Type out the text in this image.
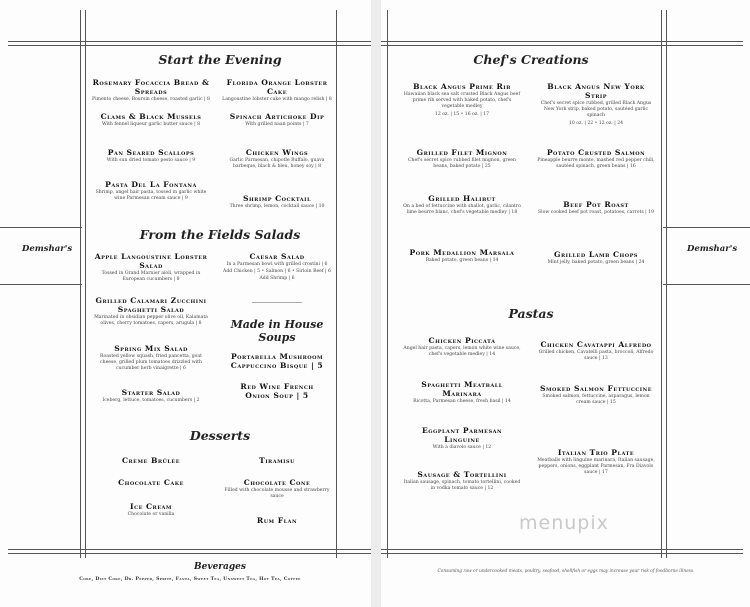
Demshar's
Start the Evening
Rosemary Focaccia Bread & Spreads
Pimento cheese, Boursin cheese, roasted garlic | 8
Florida Orange Lobster Cake
Langoustine lobster cake with mango relish | 8
Clams & Black Mussels
With fennel liqueur garlic butter sauce | 8
Spinach Artichoke Dip
With grilled naan points | 7
Pan Seared Scallops
With sun dried tomato pesto sauce | 9
Chicken Wings
Garlic Parmesan, chipotle Buffalo, guava barbeque, black & bleu, honey soy | 8
Pasta Del La Fontana
Shrimp, angel hair pasta, tossed in garlic white wine Parmesan cream sauce | 9	Shrimp Cocktail
Three shrimp, lemon, cocktail sauce | 10
From the Fields Salads
Apple Langoustine Lobster Salad
Tossed in Grand Marnier aioli, wrapped in European cucumbers | 8
Caesar Salad
In a Parmesan bowl with grilled crostini | 6
Add Chicken | 5 • Salmon | 6 • Sirloin Beef | 6
Add Shrimp | 6
Grilled Calamari Zucchini Spaghetti Salad
Marinated in obsidian pepper olive oil, Kalamata olives, cherry tomatoes, capers, arugula | 8
Spring Mix Salad
Roasted yellow squash, fried pancetta, goat cheese, grilled plum tomatoes drizzled with cucumber herb vinaigrette | 6
Starter Salad
Iceberg, lettuce, tomatoes, cucumbers | 2
Made in House
Soups
Portabella Mushroom
Cappuccino Bisque | 5
Red Wine French
Onion Soup | 5
Desserts
Crème Brûlée	Tiramisu
Chocolate Cake	Chocolate Cone
Filled with chocolate mousse and strawberry sauce
Ice Cream
Chocolate or vanilla
Rum Flan
Beverages
Coke, Diet Coke, Dr. Pepper, Sprite, Fanta, Sweet Tea, Unsweet Tea, Hot Tea, Coffee
Demshar's
Chef's Creations
Black Angus Prime Rib
Hawaiian black sea salt crusted Black Angus beef prime rib served with baked potato, chef's vegetable medley
12 oz. | 15 • 16 oz. | 17
Black Angus New York Strip
Chef's secret spice rubbed, grilled Black Angus New York strip, baked potato, sautéed garlic spinach
10 oz. | 22 • 12 oz. | 24
Grilled Filet Mignon
Chef's secret spice rubbed filet mignon, green beans, baked potato | 25
Potato Crusted Salmon
Pineapple beurre monte, mashed red pepper chili, sautéed spinach, green beans | 16
Grilled Halibut
On a bed of fettuccine with shallot, garlic, cilantro lime beurre blanc, chef's vegetable medley | 18
Beef Pot Roast
Slow cooked beef pot roast, potatoes, carrots | 19
Pork Medallion Marsala
Baked potato, green beans | 14
Grilled Lamb Chops
Mint jelly, baked potato, green beans | 24
Pastas
Chicken Piccata
Angel hair pasta, capers, lemon white wine sauce, chef's vegetable medley | 14
Chicken Cavatappi Alfredo
Grilled chicken, Cavatelli pasta, broccoli, Alfredo sauce | 13
Spaghetti Meatball Marinara
Ricotta, Parmesan cheese, fresh basil | 14
Smoked Salmon Fettuccine
Smoked salmon, fettuccine, asparagus, lemon cream sauce | 15
Eggplant Parmesan Linguine
With a diavolo sauce | 12
Italian Trio Plate
Meatballs with linguine marinara, Italian sausage, peppers, onions, eggplant Parmesan, Fra Diavolo sauce | 17
Sausage & Tortellini
Italian sausage, spinach, tomato tortellini, cooked in vodka tomato sauce | 12
menupix
Consuming raw or undercooked meats, poultry, seafood, shellfish or eggs may increase your risk of foodborne illness.
